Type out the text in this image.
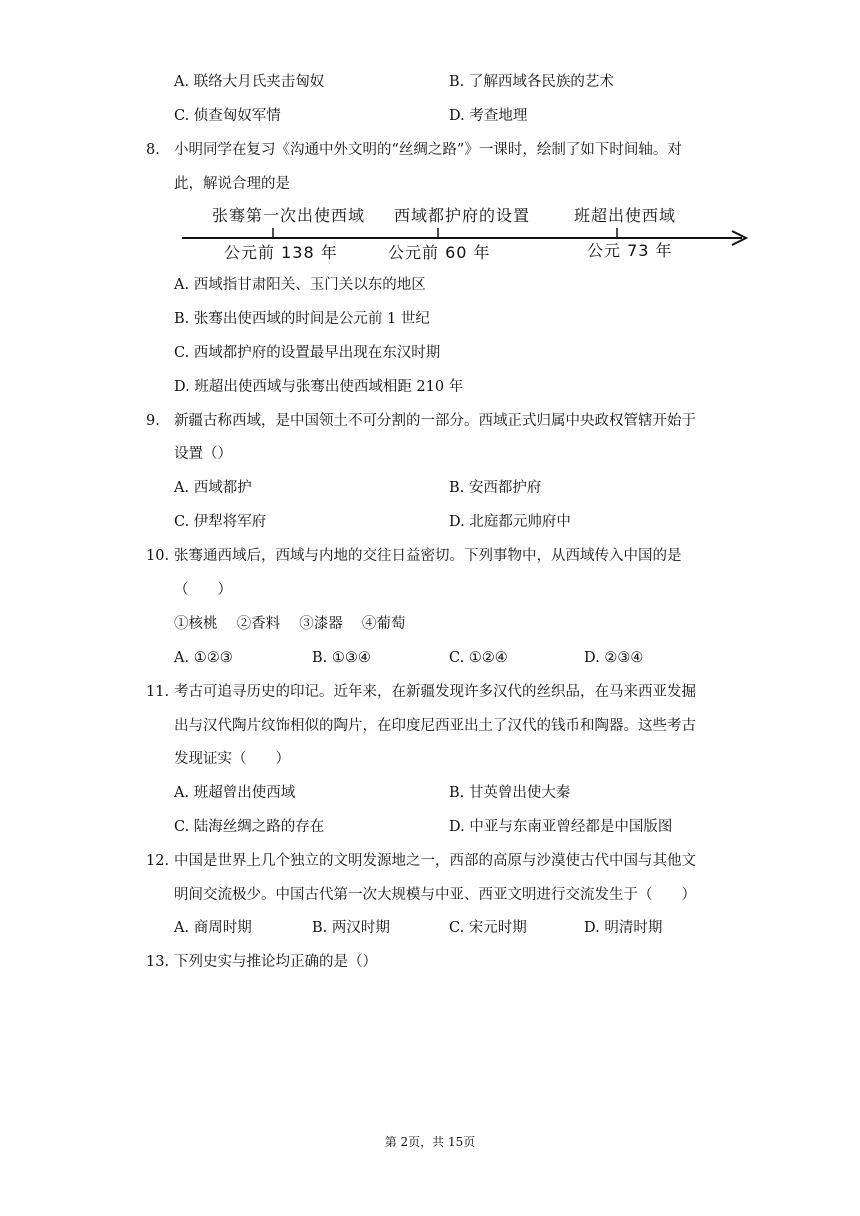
A. 联络大月氏夹击匈奴	B. 了解西域各民族的艺术
C. 侦查匈奴军情	D. 考查地理
8. 小明同学在复习《沟通中外文明的“丝绸之路”》一课时，绘制了如下时间轴。对
此，解说合理的是
张骞第一次出使西域 西域都护府的设置	班超出使西域
公元前 138 年	公元前 60 年	公元 73 年
A. 西域指甘肃阳关、玉门关以东的地区
B. 张骞出使西域的时间是公元前 1 世纪
C. 西域都护府的设置最早出现在东汉时期
D. 班超出使西域与张骞出使西域相距 210 年
9. 新疆古称西域，是中国领土不可分割的一部分。西域正式归属中央政权管辖开始于
设置（）
A. 西域都护	B. 安西都护府
C. 伊犁将军府	D. 北庭都元帅府中
10. 张骞通西域后，西域与内地的交往日益密切。下列事物中，从西域传入中国的是
（　　）
①核桃　 ②香料　 ③漆器　 ④葡萄
A. ①②③	B. ①③④	C. ①②④	D. ②③④
11. 考古可追寻历史的印记。近年来，在新疆发现许多汉代的丝织品，在马来西亚发掘
出与汉代陶片纹饰相似的陶片，在印度尼西亚出土了汉代的钱币和陶器。这些考古
发现证实（　　）
A. 班超曾出使西域	B. 甘英曾出使大秦
C. 陆海丝绸之路的存在	D. 中亚与东南亚曾经都是中国版图
12. 中国是世界上几个独立的文明发源地之一，西部的高原与沙漠使古代中国与其他文
明间交流极少。中国古代第一次大规模与中亚、西亚文明进行交流发生于（　　）
A. 商周时期	B. 两汉时期	C. 宋元时期	D. 明清时期
13. 下列史实与推论均正确的是（）
第 2页，共 15页
